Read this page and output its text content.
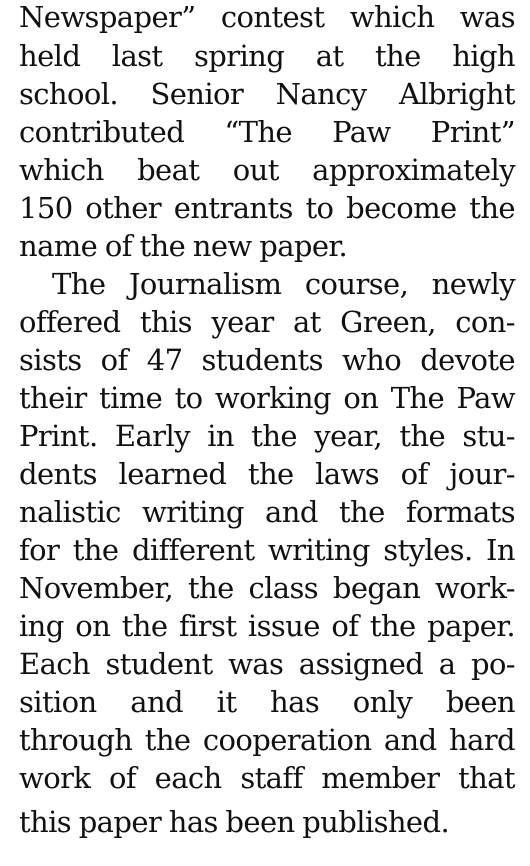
Newspaper” contest which was
held last spring at the high
school. Senior Nancy Albright
contributed “The Paw Print”
which beat out approximately
150 other entrants to become the
name of the new paper.
The Journalism course, newly
offered this year at Green, con-
sists of 47 students who devote
their time to working on The Paw
Print. Early in the year, the stu-
dents learned the laws of jour-
nalistic writing and the formats
for the different writing styles. In
November, the class began work-
ing on the first issue of the paper.
Each student was assigned a po-
sition and it has only been
through the cooperation and hard
work of each staff member that
this paper has been published.
